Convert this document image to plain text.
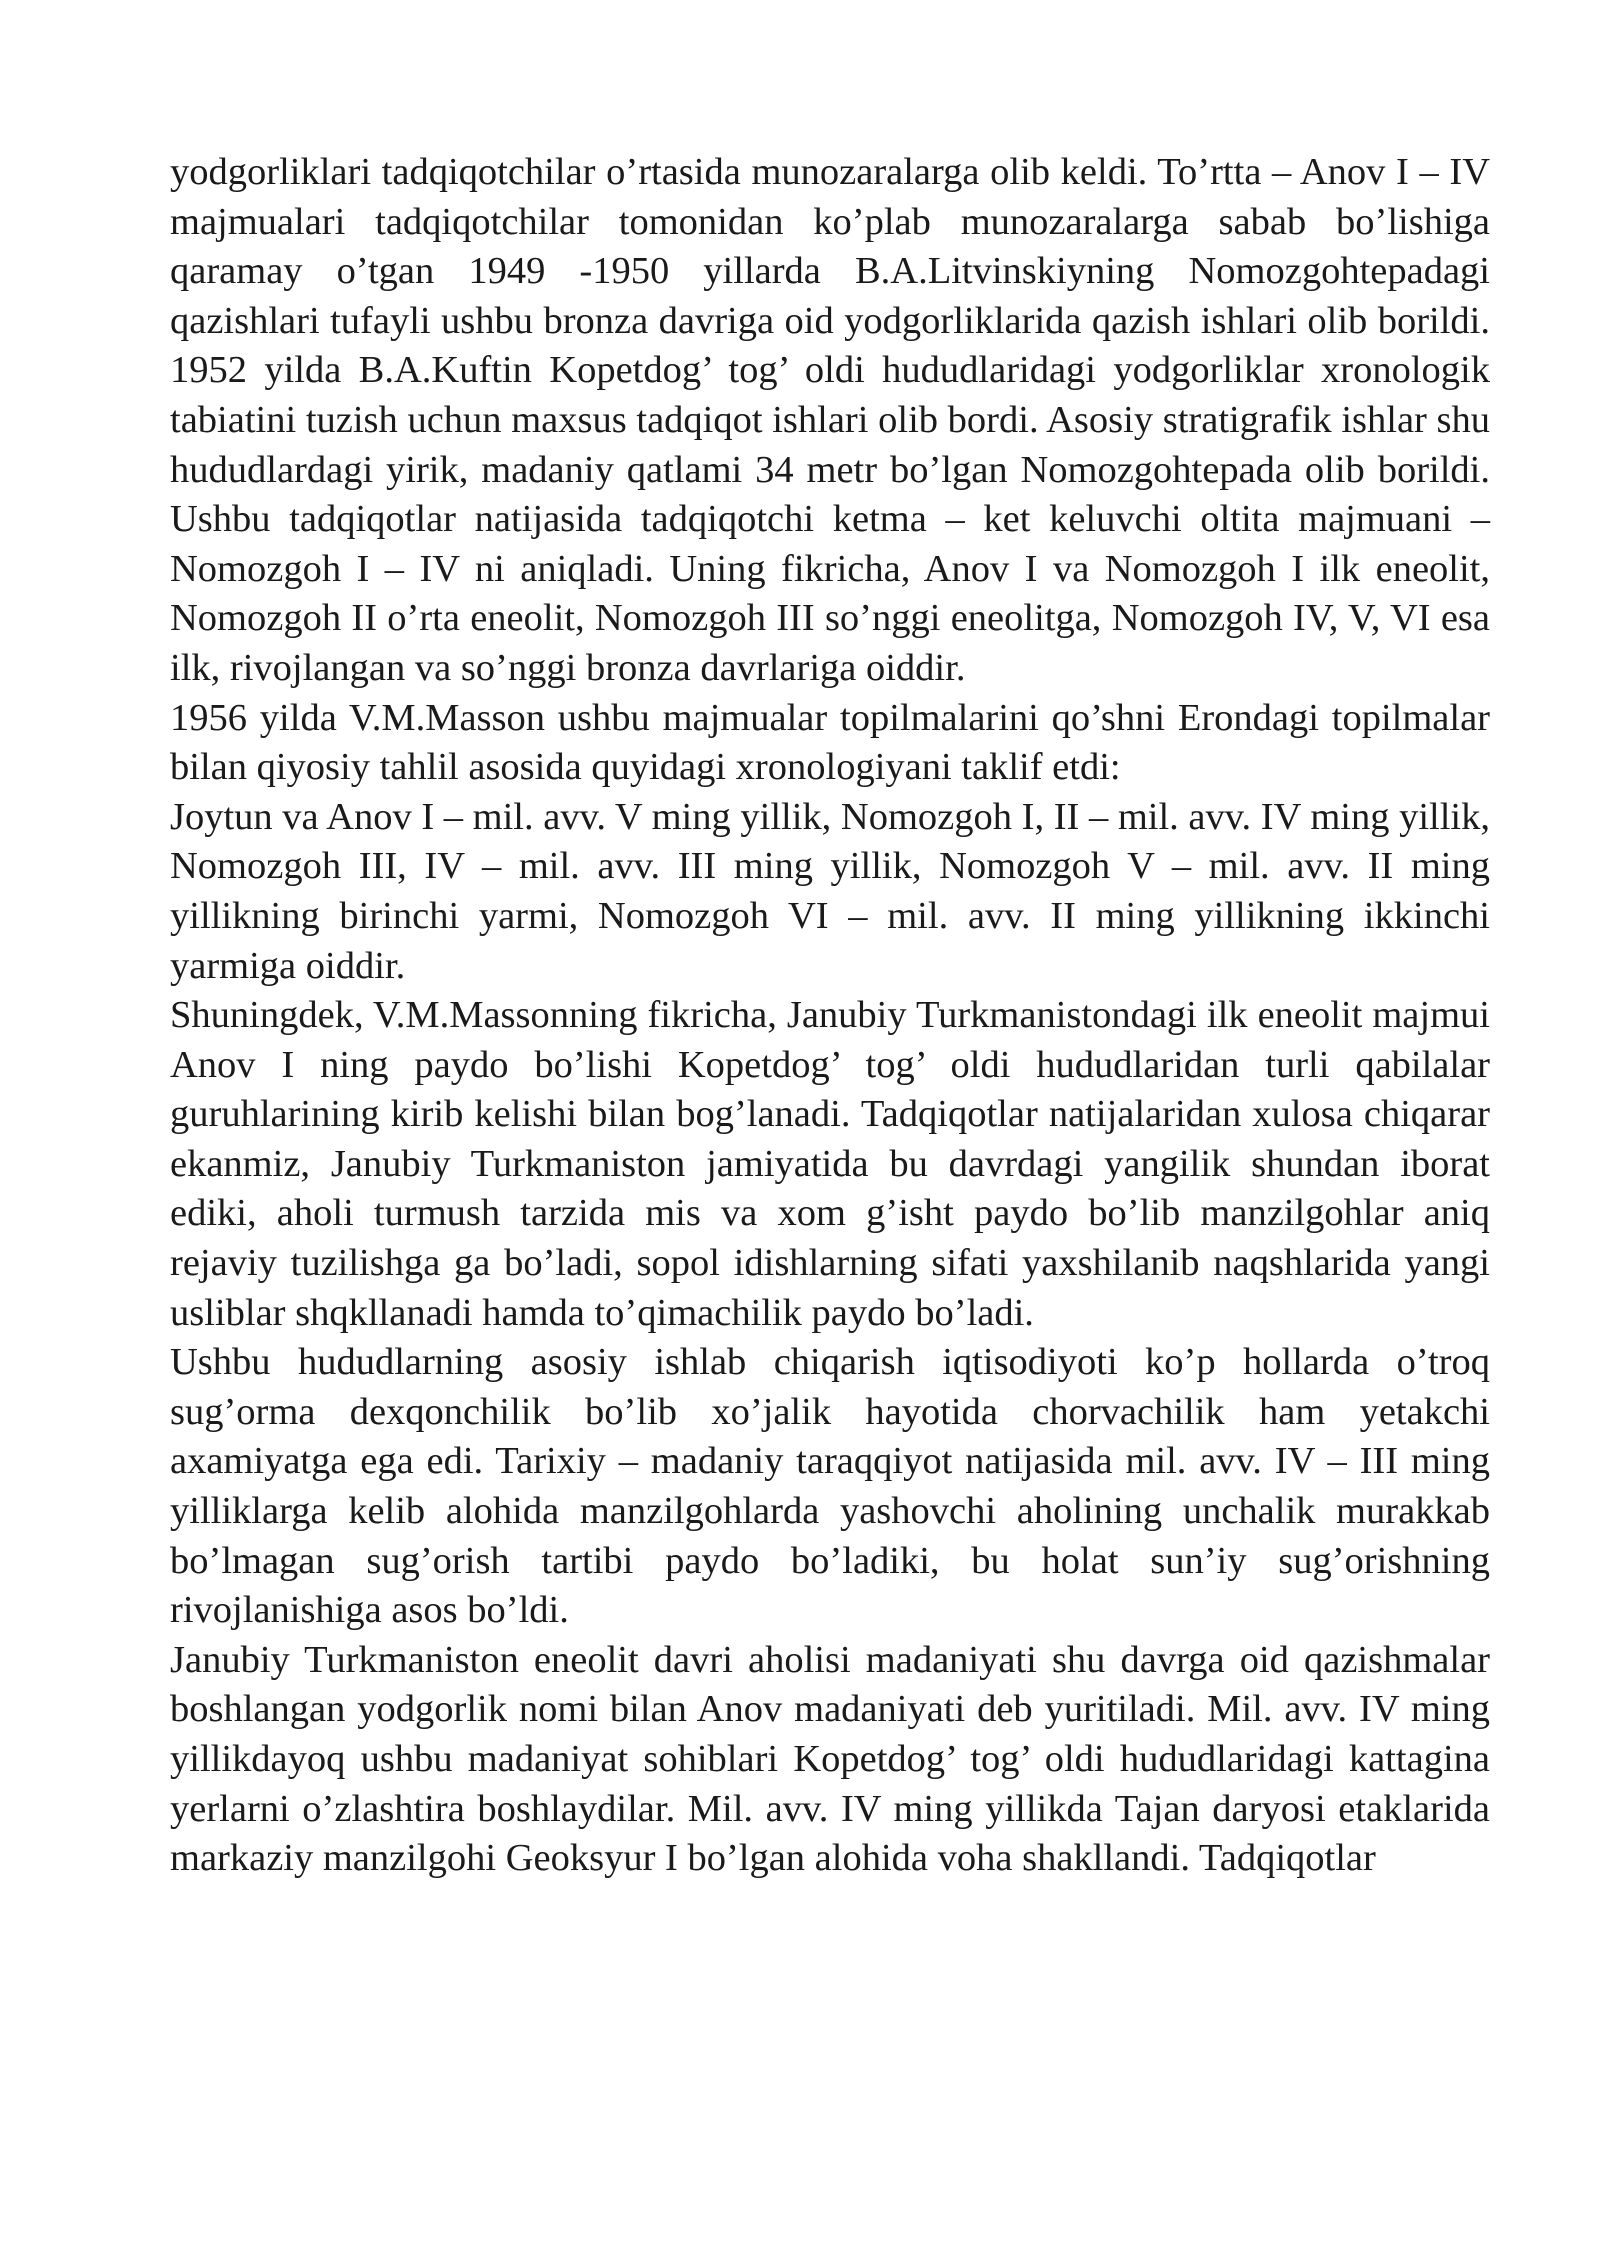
yodgorliklari tadqiqotchilar o’rtasida munozaralarga olib keldi. To’rtta – Anov I – IV majmualari tadqiqotchilar tomonidan ko’plab munozaralarga sabab bo’lishiga qaramay o’tgan 1949 -1950 yillarda B.A.Litvinskiyning Nomozgohtepadagi qazishlari tufayli ushbu bronza davriga oid yodgorliklarida qazish ishlari olib borildi. 1952 yilda B.A.Kuftin Kopetdog’ tog’ oldi hududlaridagi yodgorliklar xronologik tabiatini tuzish uchun maxsus tadqiqot ishlari olib bordi. Asosiy stratigrafik ishlar shu hududlardagi yirik, madaniy qatlami 34 metr bo’lgan Nomozgohtepada olib borildi. Ushbu tadqiqotlar natijasida tadqiqotchi ketma – ket keluvchi oltita majmuani – Nomozgoh I – IV ni aniqladi. Uning fikricha, Anov I va Nomozgoh I ilk eneolit, Nomozgoh II o’rta eneolit, Nomozgoh III so’nggi eneolitga, Nomozgoh IV, V, VI esa ilk, rivojlangan va so’nggi bronza davrlariga oiddir.

1956 yilda V.M.Masson ushbu majmualar topilmalarini qo’shni Erondagi topilmalar bilan qiyosiy tahlil asosida quyidagi xronologiyani taklif etdi:

Joytun va Anov I – mil. avv. V ming yillik, Nomozgoh I, II – mil. avv. IV ming yillik, Nomozgoh III, IV – mil. avv. III ming yillik, Nomozgoh V – mil. avv. II ming yillikning birinchi yarmi, Nomozgoh VI – mil. avv. II ming yillikning ikkinchi yarmiga oiddir.

Shuningdek, V.M.Massonning fikricha, Janubiy Turkmanistondagi ilk eneolit majmui Anov I ning paydo bo’lishi Kopetdog’ tog’ oldi hududlaridan turli qabilalar guruhlarining kirib kelishi bilan bog’lanadi. Tadqiqotlar natijalaridan xulosa chiqarar ekanmiz, Janubiy Turkmaniston jamiyatida bu davrdagi yangilik shundan iborat ediki, aholi turmush tarzida mis va xom g’isht paydo bo’lib manzilgohlar aniq rejaviy tuzilishga ga bo’ladi, sopol idishlarning sifati yaxshilanib naqshlarida yangi usliblar shqkllanadi hamda to’qimachilik paydo bo’ladi.

Ushbu hududlarning asosiy ishlab chiqarish iqtisodiyoti ko’p hollarda o’troq sug’orma dexqonchilik bo’lib xo’jalik hayotida chorvachilik ham yetakchi axamiyatga ega edi. Tarixiy – madaniy taraqqiyot natijasida mil. avv. IV – III ming yilliklarga kelib alohida manzilgohlarda yashovchi aholining unchalik murakkab bo’lmagan sug’orish tartibi paydo bo’ladiki, bu holat sun’iy sug’orishning rivojlanishiga asos bo’ldi.

Janubiy Turkmaniston eneolit davri aholisi madaniyati shu davrga oid qazishmalar boshlangan yodgorlik nomi bilan Anov madaniyati deb yuritiladi. Mil. avv. IV ming yillikdayoq ushbu madaniyat sohiblari Kopetdog’ tog’ oldi hududlaridagi kattagina yerlarni o’zlashtira boshlaydilar. Mil. avv. IV ming yillikda Tajan daryosi etaklarida markaziy manzilgohi Geoksyur I bo’lgan alohida voha shakllandi. Tadqiqotlar
